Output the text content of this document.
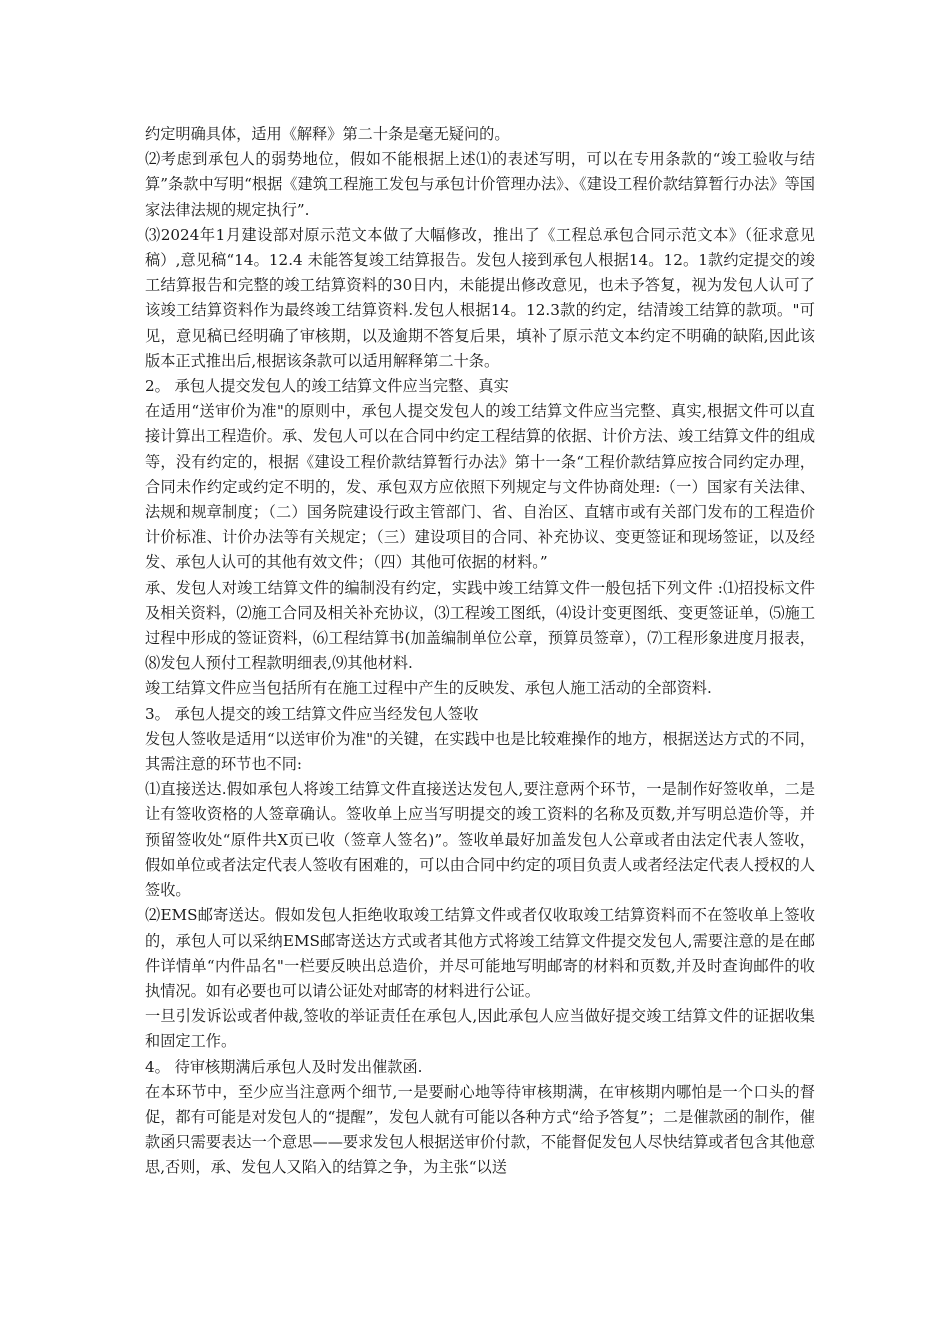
约定明确具体，适用《解释》第二十条是毫无疑问的。

⑵考虑到承包人的弱势地位，假如不能根据上述⑴的表述写明，可以在专用条款的“竣工验收与结算”条款中写明“根据《建筑工程施工发包与承包计价管理办法》、《建设工程价款结算暂行办法》等国家法律法规的规定执行”.

⑶2024年1月建设部对原示范文本做了大幅修改，推出了《工程总承包合同示范文本》（征求意见稿）,意见稿“14。12.4 未能答复竣工结算报告。发包人接到承包人根据14。12。1款约定提交的竣工结算报告和完整的竣工结算资料的30日内，未能提出修改意见，也未予答复，视为发包人认可了该竣工结算资料作为最终竣工结算资料.发包人根据14。12.3款的约定，结清竣工结算的款项。"可见，意见稿已经明确了审核期，以及逾期不答复后果，填补了原示范文本约定不明确的缺陷,因此该版本正式推出后,根据该条款可以适用解释第二十条。

2。 承包人提交发包人的竣工结算文件应当完整、真实

在适用“送审价为准"的原则中，承包人提交发包人的竣工结算文件应当完整、真实,根据文件可以直接计算出工程造价。承、发包人可以在合同中约定工程结算的依据、计价方法、竣工结算文件的组成等，没有约定的，根据《建设工程价款结算暂行办法》第十一条“工程价款结算应按合同约定办理，合同未作约定或约定不明的，发、承包双方应依照下列规定与文件协商处理:（一）国家有关法律、法规和规章制度；（二）国务院建设行政主管部门、省、自治区、直辖市或有关部门发布的工程造价计价标准、计价办法等有关规定；（三）建设项目的合同、补充协议、变更签证和现场签证，以及经发、承包人认可的其他有效文件；（四）其他可依据的材料。”

承、发包人对竣工结算文件的编制没有约定，实践中竣工结算文件一般包括下列文件 :⑴招投标文件及相关资料，⑵施工合同及相关补充协议，⑶工程竣工图纸，⑷设计变更图纸、变更签证单，⑸施工过程中形成的签证资料，⑹工程结算书(加盖编制单位公章，预算员签章），⑺工程形象进度月报表，⑻发包人预付工程款明细表,⑼其他材料.

竣工结算文件应当包括所有在施工过程中产生的反映发、承包人施工活动的全部资料.

3。 承包人提交的竣工结算文件应当经发包人签收

发包人签收是适用“以送审价为准"的关键，在实践中也是比较难操作的地方，根据送达方式的不同，其需注意的环节也不同:

⑴直接送达.假如承包人将竣工结算文件直接送达发包人,要注意两个环节，一是制作好签收单，二是让有签收资格的人签章确认。签收单上应当写明提交的竣工资料的名称及页数,并写明总造价等，并预留签收处“原件共X页已收（签章人签名)”。签收单最好加盖发包人公章或者由法定代表人签收，假如单位或者法定代表人签收有困难的，可以由合同中约定的项目负责人或者经法定代表人授权的人签收。

⑵EMS邮寄送达。假如发包人拒绝收取竣工结算文件或者仅收取竣工结算资料而不在签收单上签收的，承包人可以采纳EMS邮寄送达方式或者其他方式将竣工结算文件提交发包人,需要注意的是在邮件详情单“内件品名"一栏要反映出总造价，并尽可能地写明邮寄的材料和页数,并及时查询邮件的收执情况。如有必要也可以请公证处对邮寄的材料进行公证。

一旦引发诉讼或者仲裁,签收的举证责任在承包人,因此承包人应当做好提交竣工结算文件的证据收集和固定工作。

4。 待审核期满后承包人及时发出催款函.

在本环节中，至少应当注意两个细节,一是要耐心地等待审核期满，在审核期内哪怕是一个口头的督促，都有可能是对发包人的“提醒”，发包人就有可能以各种方式“给予答复”；二是催款函的制作，催款函只需要表达一个意思——要求发包人根据送审价付款，不能督促发包人尽快结算或者包含其他意思,否则，承、发包人又陷入的结算之争，为主张“以送
